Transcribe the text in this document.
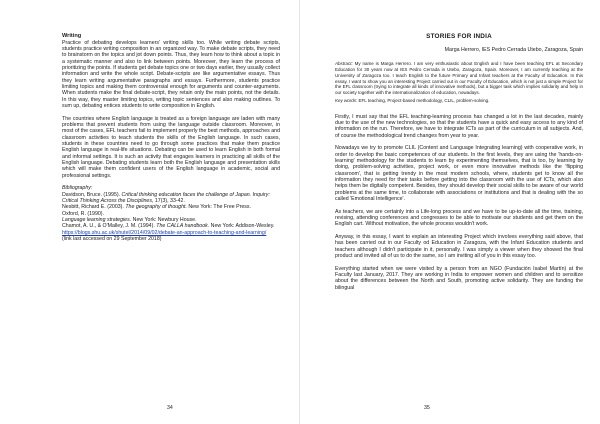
Writing

Practice of debating develops learners' writing skills too. While writing debate scripts, students practice writing composition in an organized way. To make debate scripts, they need to brainstorm on the topics and jot down points. Thus, they learn how to think about a topic in a systematic manner and also to link between points. Moreover, they learn the process of prioritizing the points. If students get debate topics one or two days earlier, they usually collect information and write the whole script. Debate-scripts are like argumentative essays. Thus they learn writing argumentative paragraphs and essays. Furthermore, students practice limiting topics and making them controversial enough for arguments and counter-arguments. When students make the final debate-script, they retain only the main points, not the details. In this way, they master limiting topics, writing topic sentences and also making outlines. To sum up, debating entices students to write composition in English.

The countries where English language is treated as a foreign language are laden with many problems that prevent students from using the language outside classroom. Moreover, in most of the cases, EFL teachers fail to implement properly the best methods, approaches and classroom activities to teach students the skills of the English language. In such cases, students in these countries need to go through some practices that make them practice English language in real-life situations. Debating can be used to learn English in both formal and informal settings. It is such an activity that engages learners in practicing all skills of the English language. Debating students learn both the English language and presentation skills which will make them confident users of the English language in academic, social and professional settings.

Bibliography:

Davidson, Bruce. (1995). Critical thinking education faces the challenge of Japan. Inquiry: Critical Thinking Across the Disciplines, 17(3), 33-42.

Nesbitt, Richard E. (2003). The geography of thought. New York: The Free Press.

Oxford, R. (1990).

Language learning strategies. New York: Newbury House.

Chamot, A. U., & O'Malley, J. M. (1994). The CALLA handbook. New York: Addison-Wesley.

https://blogs.shu.ac.uk/shutel/2014/09/02/debate-an-approach-to-teaching-and-learning/

(link last accessed on 29 September 2018)

34
STORIES FOR INDIA
Marga Herrero, IES Pedro Cerrada Utebo, Zaragoza, Spain

Abstract: My name is Marga Herrero. I am very enthusiastic about English and I have been teaching EFL at Secondary Education for 30 years now at IES Pedro Cerrada in Utebo, Zaragoza, Spain. Moreover, I am currently teaching at the University of Zaragoza too. I teach English to the future Primary and Infant teachers at the Faculty of Education. In this essay, I want to show you an interesting Project carried out in our Faculty of Education, which is not just a simple Project for the EFL classroom (trying to integrate all kinds of innovative methods), but a bigger task which implies solidarity and help in our society together with the internationalization of education, nowadays.

Key words: EFL teaching, Project-based methodology, CLIL, problem-solving.

Firstly, I must say that the EFL teaching-learning process has changed a lot in the last decades, mainly due to the use of the new technologies, so that the students have a quick and easy access to any kind of information on the run. Therefore, we have to integrate ICTs as part of the curriculum in all subjects. And, of course the methodological trend changes from year to year.

Nowadays we try to promote CLIL (Content and Language Integrating learning) with cooperative work, in order to develop the basic competences of our students. In the first levels, they are using the 'hands-on-learning' methodology for the students to learn by experimenting themselves, that is too, by learning by doing, problem-solving activities, project work, or even more innovative methods like the 'flipping classroom', that is getting trendy in the most modern schools, where, students get to know all the information they need for their tasks before getting into the classroom with the use of ICTs, which also helps them be digitally competent. Besides, they should develop their social skills to be aware of our world problems at the same time, to collaborate with associations or institutions and that is dealing with the so called 'Emotional Intelligence'.

As teachers, we are certainly into a Life-long process and we have to be up-to-date all the time, training, revising, attending conferences and congresses to be able to motivate our students and get them on the English cart. Without motivation, the whole process wouldn't work.

Anyway, in this essay, I want to explain an interesting Project which involves everything said above, that has been carried out in our Faculty od Education in Zaragoza, with the Infant Education students and teachers although I didn't participate in it, personally. I was simply a viewer when they showed the final product and invited all of us to do the same, so I am inviting all of you in this essay too.

Everything started when we were visited by a person from an NGO (Fundación Isabel Martín) at the Faculty last January, 2017. They are working in India to empower women and children and to sensitize about the differences between the North and South, promoting active solidarity. They are funding the bilingual

35
